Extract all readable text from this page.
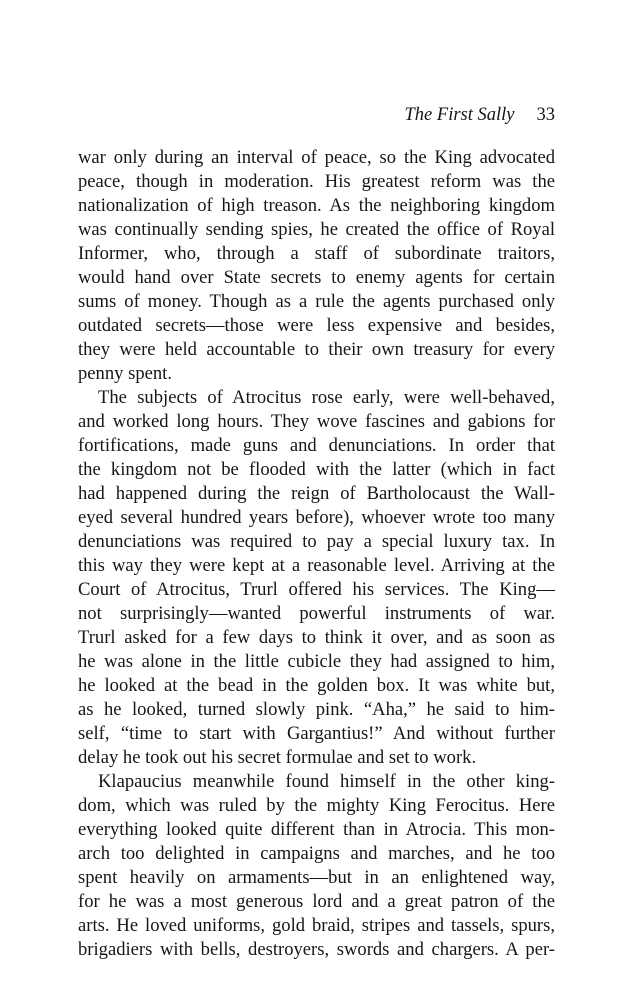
The First Sally 33
war only during an interval of peace, so the King advocated
peace, though in moderation. His greatest reform was the
nationalization of high treason. As the neighboring kingdom
was continually sending spies, he created the office of Royal
Informer, who, through a staff of subordinate traitors,
would hand over State secrets to enemy agents for certain
sums of money. Though as a rule the agents purchased only
outdated secrets—those were less expensive and besides,
they were held accountable to their own treasury for every
penny spent.
The subjects of Atrocitus rose early, were well-behaved,
and worked long hours. They wove fascines and gabions for
fortifications, made guns and denunciations. In order that
the kingdom not be flooded with the latter (which in fact
had happened during the reign of Bartholocaust the Wall-
eyed several hundred years before), whoever wrote too many
denunciations was required to pay a special luxury tax. In
this way they were kept at a reasonable level. Arriving at the
Court of Atrocitus, Trurl offered his services. The King—
not surprisingly—wanted powerful instruments of war.
Trurl asked for a few days to think it over, and as soon as
he was alone in the little cubicle they had assigned to him,
he looked at the bead in the golden box. It was white but,
as he looked, turned slowly pink. “Aha,” he said to him-
self, “time to start with Gargantius!” And without further
delay he took out his secret formulae and set to work.
Klapaucius meanwhile found himself in the other king-
dom, which was ruled by the mighty King Ferocitus. Here
everything looked quite different than in Atrocia. This mon-
arch too delighted in campaigns and marches, and he too
spent heavily on armaments—but in an enlightened way,
for he was a most generous lord and a great patron of the
arts. He loved uniforms, gold braid, stripes and tassels, spurs,
brigadiers with bells, destroyers, swords and chargers. A per-
